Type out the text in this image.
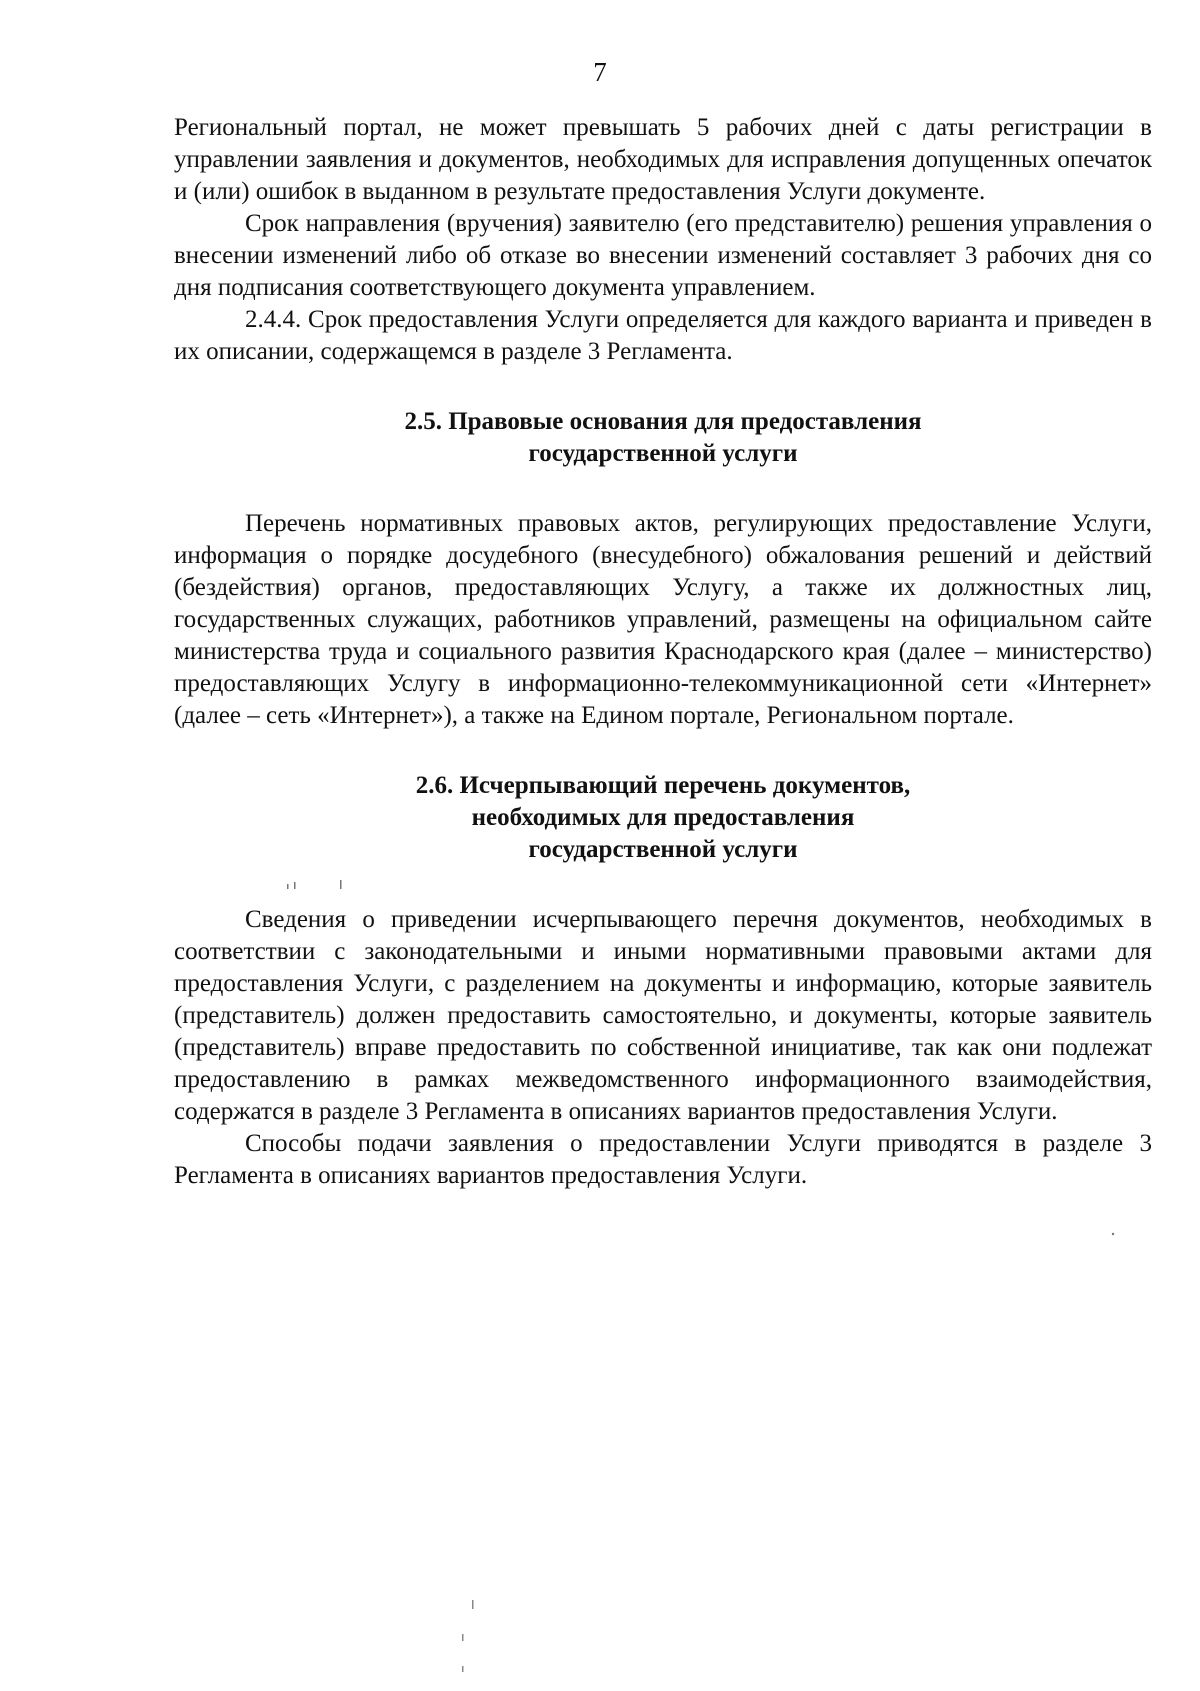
7

Региональный портал, не может превышать 5 рабочих дней с даты регистрации в управлении заявления и документов, необходимых для исправления допущенных опечаток и (или) ошибок в выданном в результате предоставления Услуги документе.

Срок направления (вручения) заявителю (его представителю) решения управления о внесении изменений либо об отказе во внесении изменений составляет 3 рабочих дня со дня подписания соответствующего документа управлением.

2.4.4. Срок предоставления Услуги определяется для каждого варианта и приведен в их описании, содержащемся в разделе 3 Регламента.

2.5. Правовые основания для предоставления
государственной услуги

Перечень нормативных правовых актов, регулирующих предоставление Услуги, информация о порядке досудебного (внесудебного) обжалования решений и действий (бездействия) органов, предоставляющих Услугу, а также их должностных лиц, государственных служащих, работников управлений, размещены на официальном сайте министерства труда и социального развития Краснодарского края (далее – министерство) предоставляющих Услугу в информационно-телекоммуникационной сети «Интернет» (далее – сеть «Интернет»), а также на Едином портале, Региональном портале.

2.6. Исчерпывающий перечень документов,
необходимых для предоставления
государственной услуги

Сведения о приведении исчерпывающего перечня документов, необходимых в соответствии с законодательными и иными нормативными правовыми актами для предоставления Услуги, с разделением на документы и информацию, которые заявитель (представитель) должен предоставить самостоятельно, и документы, которые заявитель (представитель) вправе предоставить по собственной инициативе, так как они подлежат предоставлению в рамках межведомственного информационного взаимодействия, содержатся в разделе 3 Регламента в описаниях вариантов предоставления Услуги.

Способы подачи заявления о предоставлении Услуги приводятся в разделе 3 Регламента в описаниях вариантов предоставления Услуги.
